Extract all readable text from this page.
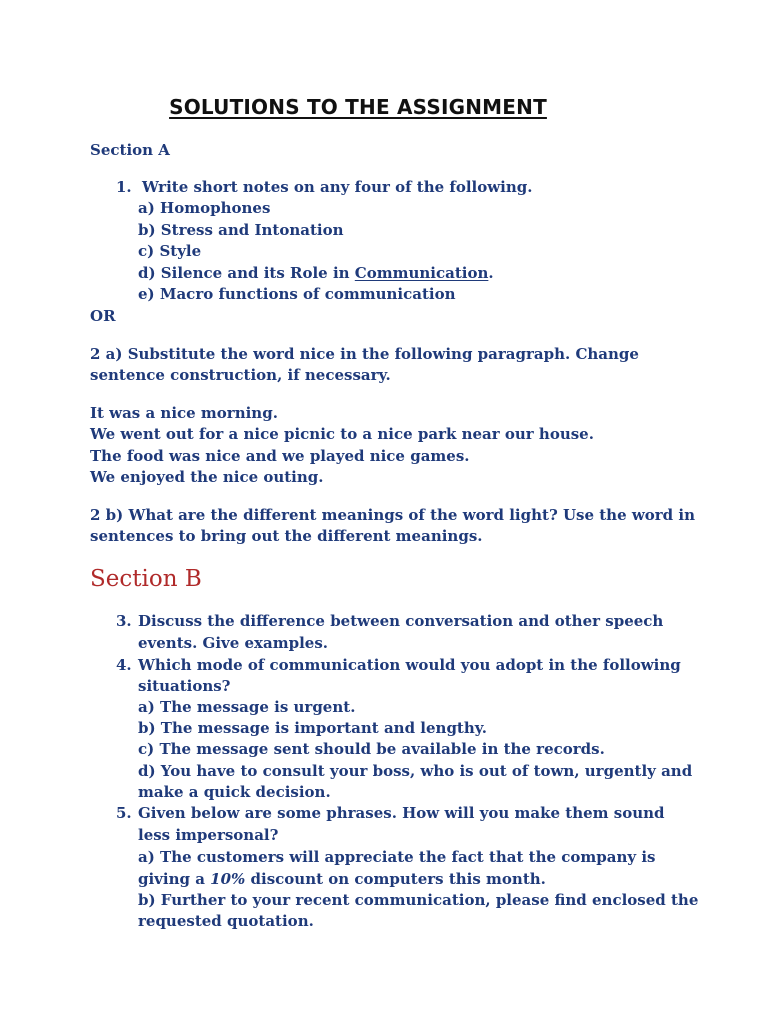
SOLUTIONS TO THE ASSIGNMENT
Section A
1. Write short notes on any four of the following.
a) Homophones
b) Stress and Intonation
c) Style
d) Silence and its Role in Communication.
e) Macro functions of communication
OR
2 a) Substitute the word nice in the following paragraph. Change
sentence construction, if necessary.
It was a nice morning.
We went out for a nice picnic to a nice park near our house.
The food was nice and we played nice games.
We enjoyed the nice outing.
2 b) What are the different meanings of the word light? Use the word in
sentences to bring out the different meanings.
Section B
3. Discuss the difference between conversation and other speech
events. Give examples.
4. Which mode of communication would you adopt in the following
situations?
a) The message is urgent.
b) The message is important and lengthy.
c) The message sent should be available in the records.
d) You have to consult your boss, who is out of town, urgently and
make a quick decision.
5. Given below are some phrases. How will you make them sound
less impersonal?
a) The customers will appreciate the fact that the company is
giving a 10% discount on computers this month.
b) Further to your recent communication, please find enclosed the
requested quotation.
